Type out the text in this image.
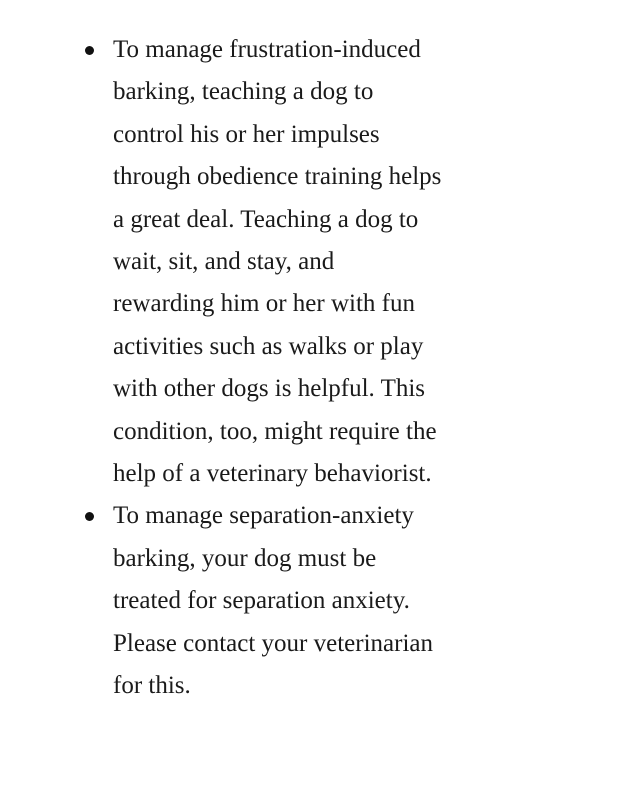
To manage frustration-induced
barking, teaching a dog to
control his or her impulses
through obedience training helps
a great deal. Teaching a dog to
wait, sit, and stay, and
rewarding him or her with fun
activities such as walks or play
with other dogs is helpful. This
condition, too, might require the
help of a veterinary behaviorist.
To manage separation-anxiety
barking, your dog must be
treated for separation anxiety.
Please contact your veterinarian
for this.
